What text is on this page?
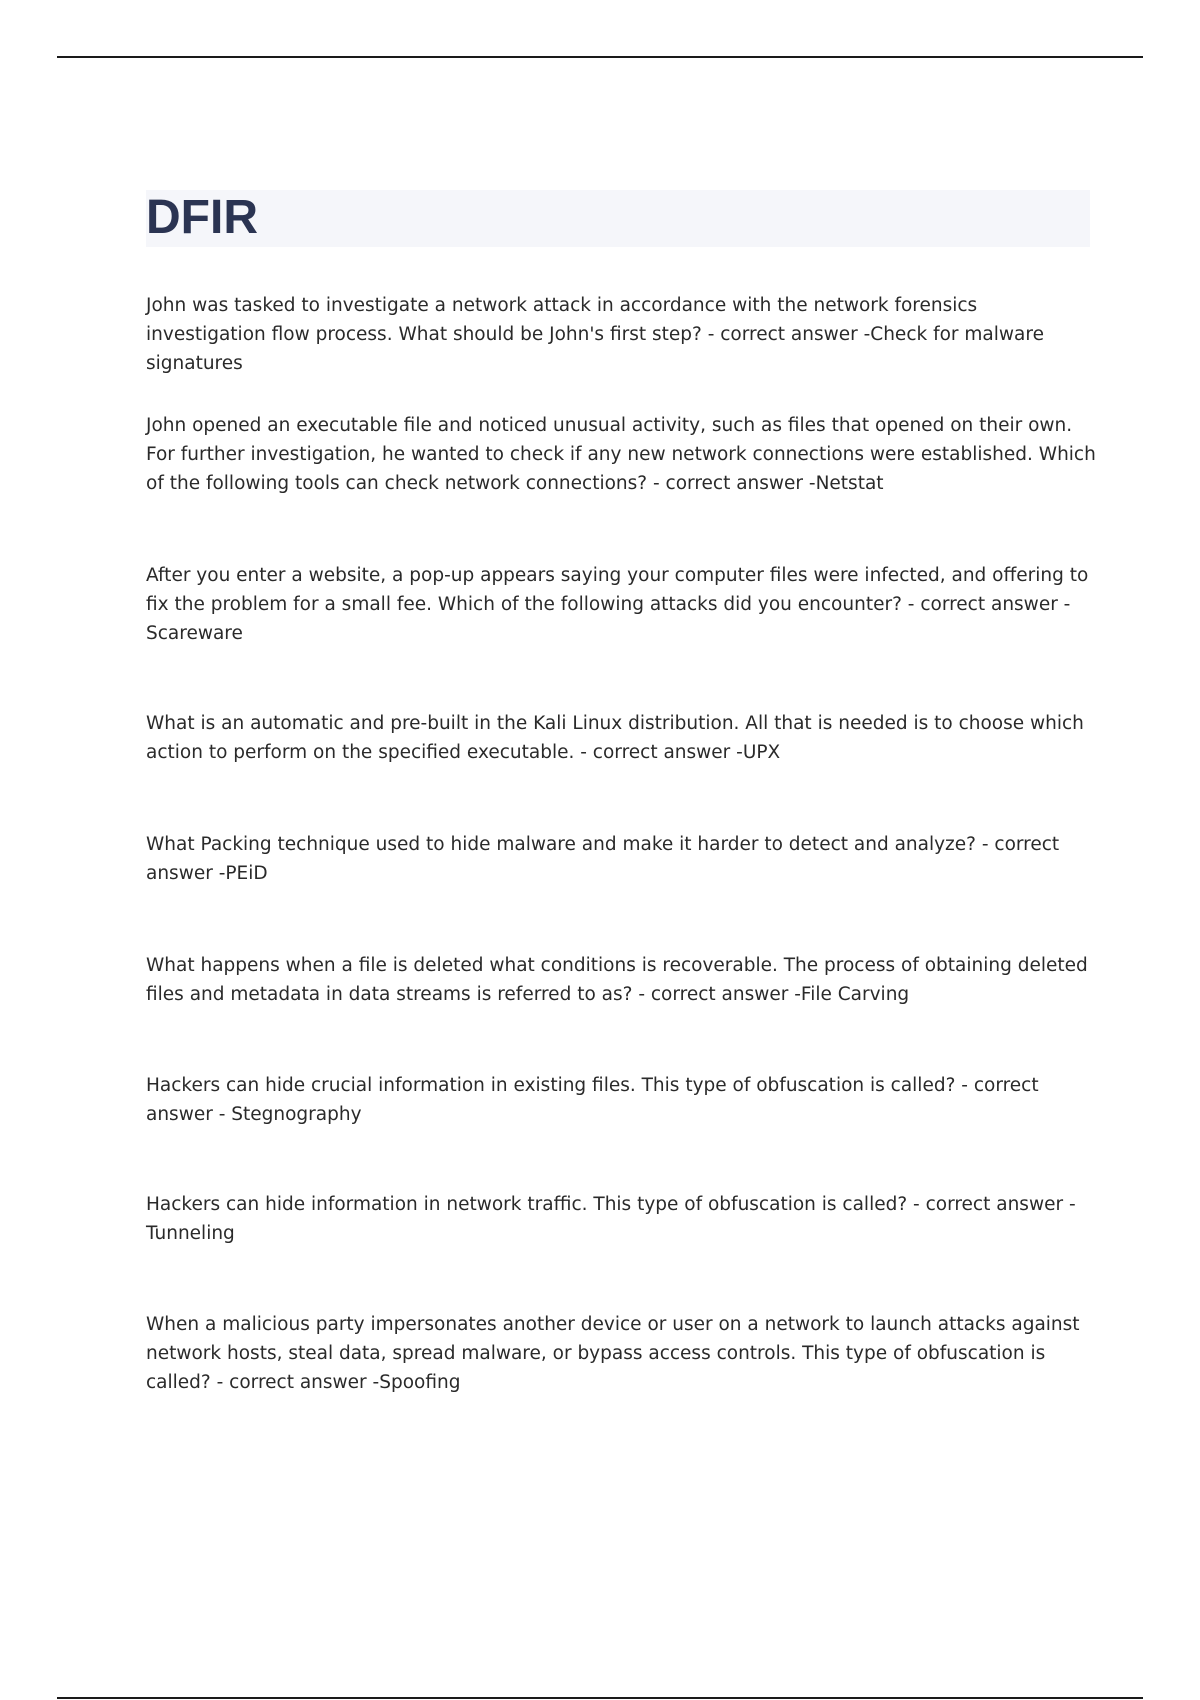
DFIR

John was tasked to investigate a network attack in accordance with the network forensics investigation flow process. What should be John's first step? - correct answer -Check for malware signatures

John opened an executable file and noticed unusual activity, such as files that opened on their own. For further investigation, he wanted to check if any new network connections were established. Which of the following tools can check network connections? - correct answer -Netstat

After you enter a website, a pop-up appears saying your computer files were infected, and offering to fix the problem for a small fee. Which of the following attacks did you encounter? - correct answer - Scareware

What is an automatic and pre-built in the Kali Linux distribution. All that is needed is to choose which action to perform on the specified executable. - correct answer -UPX

What Packing technique used to hide malware and make it harder to detect and analyze? - correct answer -PEiD

What happens when a file is deleted what conditions is recoverable. The process of obtaining deleted files and metadata in data streams is referred to as? - correct answer -File Carving

Hackers can hide crucial information in existing files. This type of obfuscation is called? - correct answer - Stegnography

Hackers can hide information in network traffic. This type of obfuscation is called? - correct answer - Tunneling

When a malicious party impersonates another device or user on a network to launch attacks against network hosts, steal data, spread malware, or bypass access controls. This type of obfuscation is called? - correct answer -Spoofing
